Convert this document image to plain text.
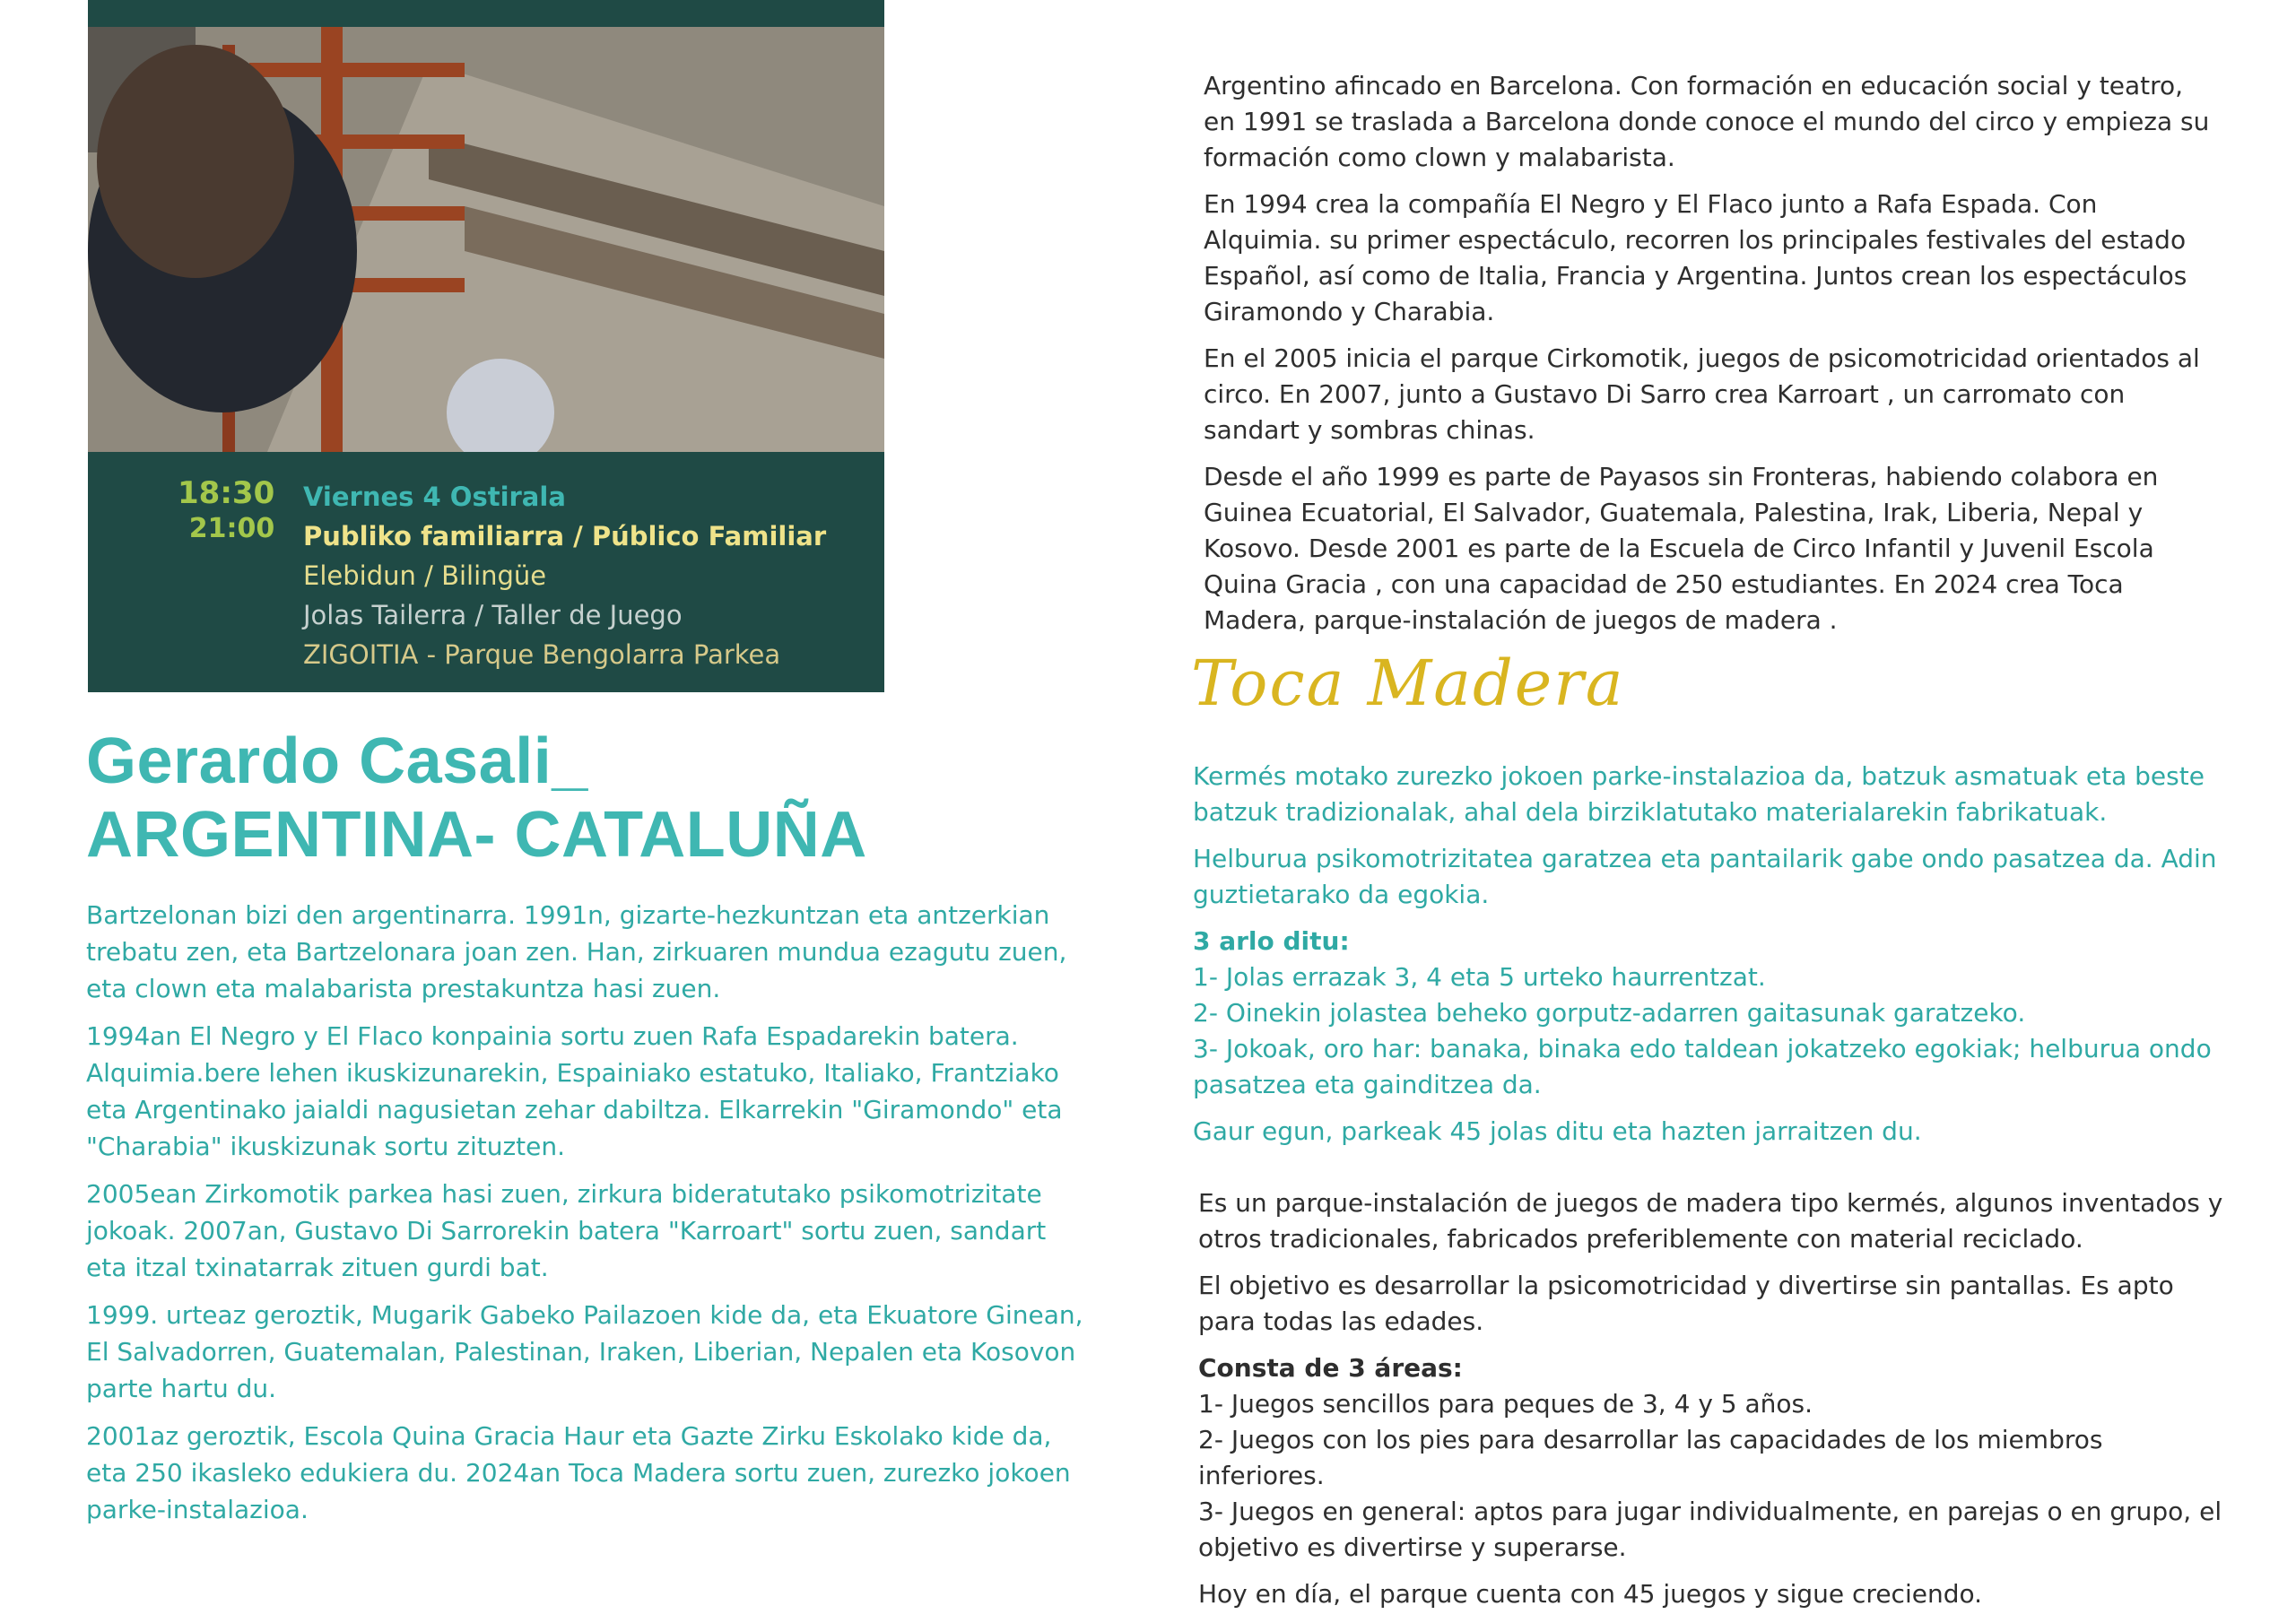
18:30
21:00
Viernes 4 Ostirala
Publiko familiarra / Público Familiar
Elebidun / Bilingüe
Jolas Tailerra / Taller de Juego
ZIGOITIA - Parque Bengolarra Parkea
Gerardo Casali_
ARGENTINA- CATALUÑA

Bartzelonan bizi den argentinarra. 1991n, gizarte-hezkuntzan eta antzerkian trebatu zen, eta Bartzelonara joan zen. Han, zirkuaren mundua ezagutu zuen, eta clown eta malabarista prestakuntza hasi zuen.

1994an El Negro y El Flaco konpainia sortu zuen Rafa Espadarekin batera. Alquimia.bere lehen ikuskizunarekin, Espainiako estatuko, Italiako, Frantziako eta Argentinako jaialdi nagusietan zehar dabiltza. Elkarrekin "Giramondo" eta "Charabia" ikuskizunak sortu zituzten.

2005ean Zirkomotik parkea hasi zuen, zirkura bideratutako psikomotrizitate jokoak. 2007an, Gustavo Di Sarrorekin batera "Karroart" sortu zuen, sandart eta itzal txinatarrak zituen gurdi bat.

1999. urteaz geroztik, Mugarik Gabeko Pailazoen kide da, eta Ekuatore Ginean, El Salvadorren, Guatemalan, Palestinan, Iraken, Liberian, Nepalen eta Kosovon parte hartu du.

2001az geroztik, Escola Quina Gracia Haur eta Gazte Zirku Eskolako kide da, eta 250 ikasleko edukiera du. 2024an Toca Madera sortu zuen, zurezko jokoen parke-instalazioa.

Argentino afincado en Barcelona. Con formación en educación social y teatro, en 1991 se traslada a Barcelona donde conoce el mundo del circo y empieza su formación como clown y malabarista.

En 1994 crea la compañía El Negro y El Flaco junto a Rafa Espada. Con Alquimia. su primer espectáculo, recorren los principales festivales del estado Español, así como de Italia, Francia y Argentina. Juntos crean los espectáculos Giramondo y Charabia.

En el 2005 inicia el parque Cirkomotik, juegos de psicomotricidad orientados al circo. En 2007, junto a Gustavo Di Sarro crea Karroart , un carromato con sandart y sombras chinas.

Desde el año 1999 es parte de Payasos sin Fronteras, habiendo colabora en Guinea Ecuatorial, El Salvador, Guatemala, Palestina, Irak, Liberia, Nepal y Kosovo. Desde 2001 es parte de la Escuela de Circo Infantil y Juvenil Escola Quina Gracia , con una capacidad de 250 estudiantes. En 2024 crea Toca Madera, parque-instalación de juegos de madera .

Toca Madera

Kermés motako zurezko jokoen parke-instalazioa da, batzuk asmatuak eta beste batzuk tradizionalak, ahal dela birziklatutako materialarekin fabrikatuak.

Helburua psikomotrizitatea garatzea eta pantailarik gabe ondo pasatzea da. Adin guztietarako da egokia.

3 arlo ditu:

1- Jolas errazak 3, 4 eta 5 urteko haurrentzat.

2- Oinekin jolastea beheko gorputz-adarren gaitasunak garatzeko.

3- Jokoak, oro har: banaka, binaka edo taldean jokatzeko egokiak; helburua ondo pasatzea eta gainditzea da.

Gaur egun, parkeak 45 jolas ditu eta hazten jarraitzen du.

Es un parque-instalación de juegos de madera tipo kermés, algunos inventados y otros tradicionales, fabricados preferiblemente con material reciclado.

El objetivo es desarrollar la psicomotricidad y divertirse sin pantallas. Es apto para todas las edades.

Consta de 3 áreas:

1- Juegos sencillos para peques de 3, 4 y 5 años.

2- Juegos con los pies para desarrollar las capacidades de los miembros inferiores.

3- Juegos en general: aptos para jugar individualmente, en parejas o en grupo, el objetivo es divertirse y superarse.

Hoy en día, el parque cuenta con 45 juegos y sigue creciendo.
